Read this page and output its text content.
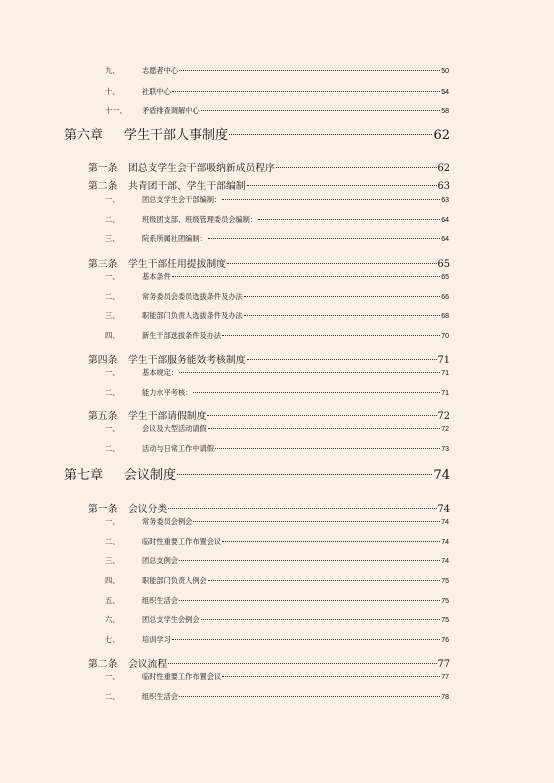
九、	志愿者中心	50
十、	社联中心	54
十一、	矛盾排查调解中心	58
第六章	学生干部人事制度	62
第一条	团总支学生会干部吸纳新成员程序	62
第二条	共青团干部、学生干部编制	63
一、	团总支学生会干部编制：	63
二、	班级团支部、班级管理委员会编制：	64
三、	院系所属社团编制：	64
第三条	学生干部任用提拔制度	65
一、	基本条件	65
二、	常务委员会委员选拔条件及办法	66
三、	职能部门负责人选拔条件及办法	68
四、	新生干部选拔条件及办法	70
第四条	学生干部服务能效考核制度	71
一、	基本规定：	71
二、	能力水平考核：	71
第五条	学生干部请假制度	72
一、	会议及大型活动请假	72
二、	活动与日常工作中请假	73
第七章	会议制度	74
第一条	会议分类	74
一、	常务委员会例会	74
二、	临时性重要工作布置会议	74
三、	团总支例会	74
四、	职能部门负责人例会	75
五、	组织生活会	75
六、	团总支学生会例会	75
七、	培训学习	76
第二条	会议流程	77
一、	临时性重要工作布置会议	77
二、	组织生活会	78
